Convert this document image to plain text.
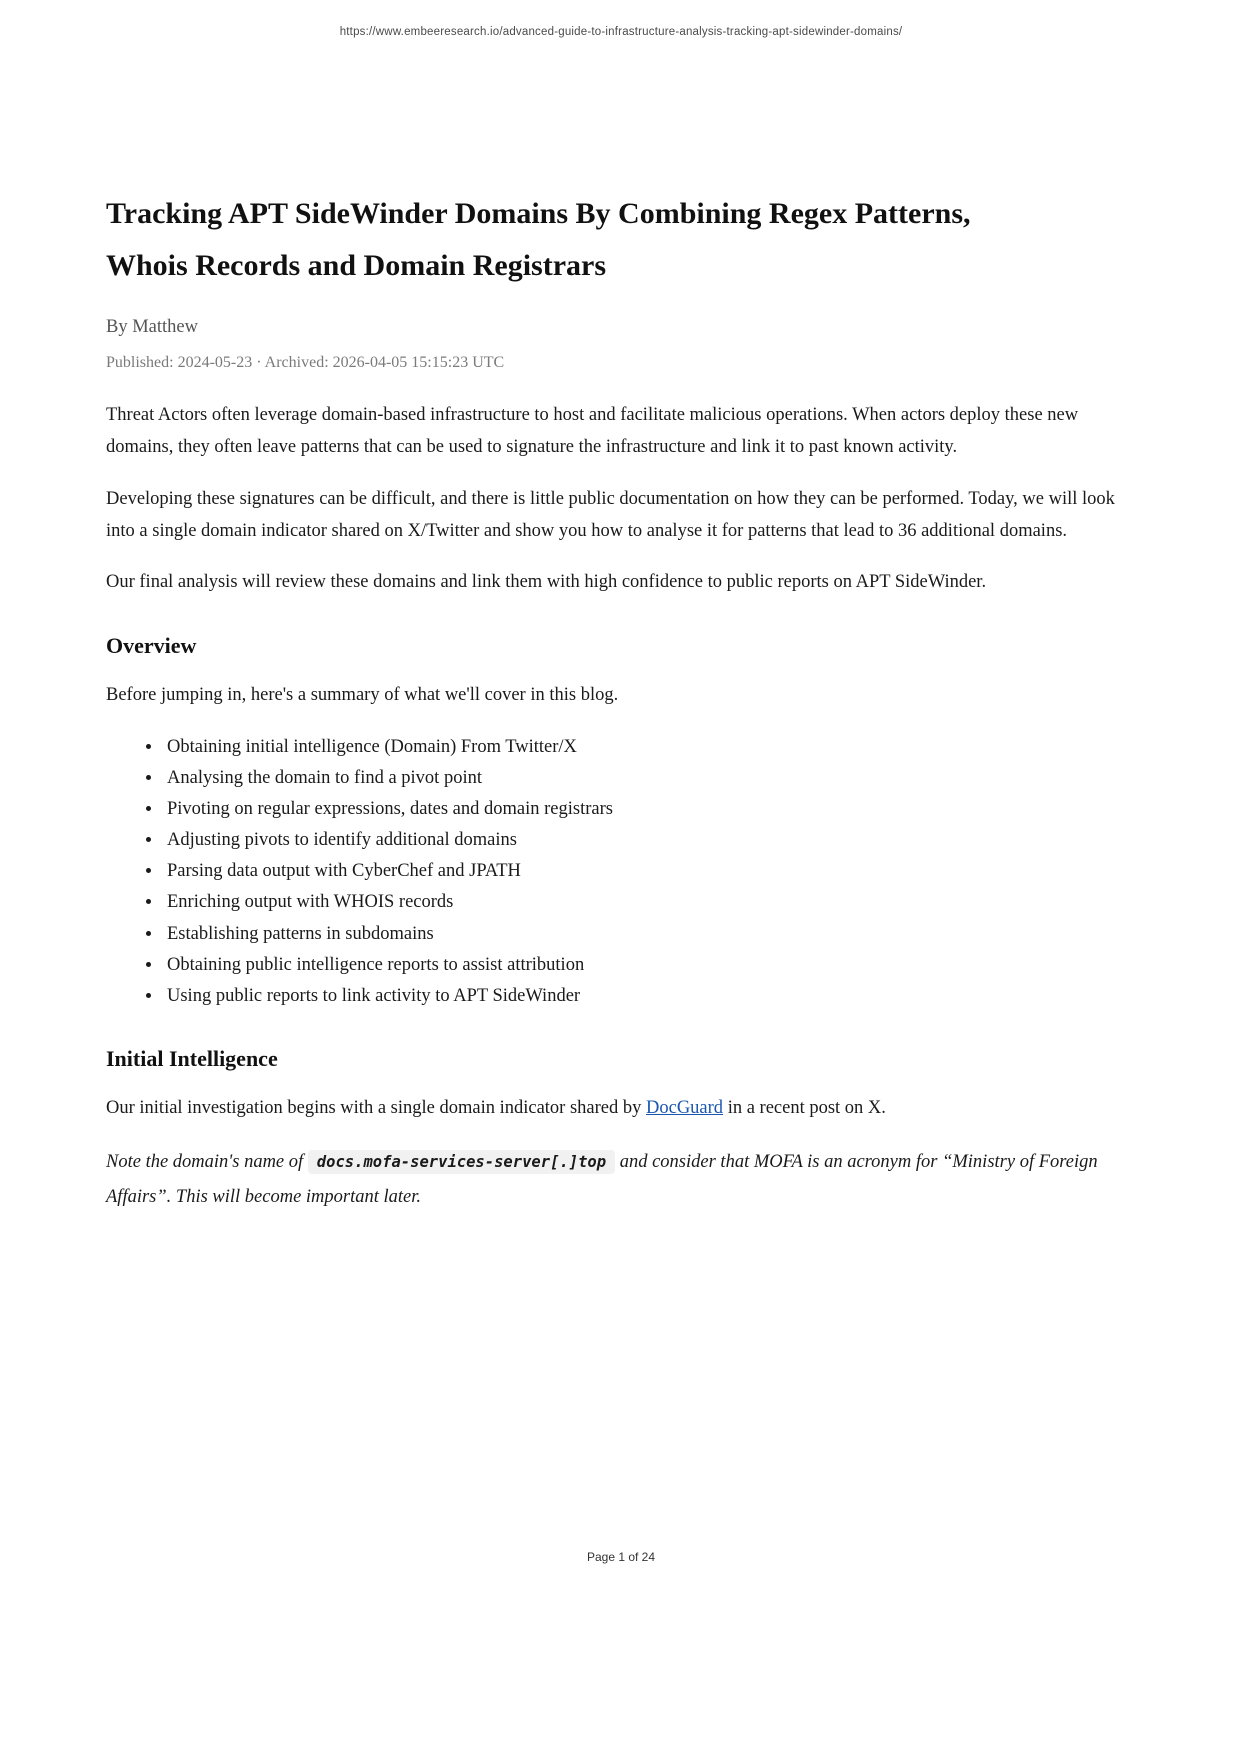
https://www.embeeresearch.io/advanced-guide-to-infrastructure-analysis-tracking-apt-sidewinder-domains/
Tracking APT SideWinder Domains By Combining Regex Patterns, Whois Records and Domain Registrars
By Matthew
Published: 2024-05-23 · Archived: 2026-04-05 15:15:23 UTC

Threat Actors often leverage domain-based infrastructure to host and facilitate malicious operations. When actors deploy these new domains, they often leave patterns that can be used to signature the infrastructure and link it to past known activity.

Developing these signatures can be difficult, and there is little public documentation on how they can be performed. Today, we will look into a single domain indicator shared on X/Twitter and show you how to analyse it for patterns that lead to 36 additional domains.

Our final analysis will review these domains and link them with high confidence to public reports on APT SideWinder.

Overview

Before jumping in, here's a summary of what we'll cover in this blog.

• Obtaining initial intelligence (Domain) From Twitter/X
• Analysing the domain to find a pivot point
• Pivoting on regular expressions, dates and domain registrars
• Adjusting pivots to identify additional domains
• Parsing data output with CyberChef and JPATH
• Enriching output with WHOIS records
• Establishing patterns in subdomains
• Obtaining public intelligence reports to assist attribution
• Using public reports to link activity to APT SideWinder
Initial Intelligence

Our initial investigation begins with a single domain indicator shared by DocGuard in a recent post on X.

Note the domain's name of docs.mofa-services-server[.]top and consider that MOFA is an acronym for “Ministry of Foreign Affairs”. This will become important later.

Page 1 of 24
